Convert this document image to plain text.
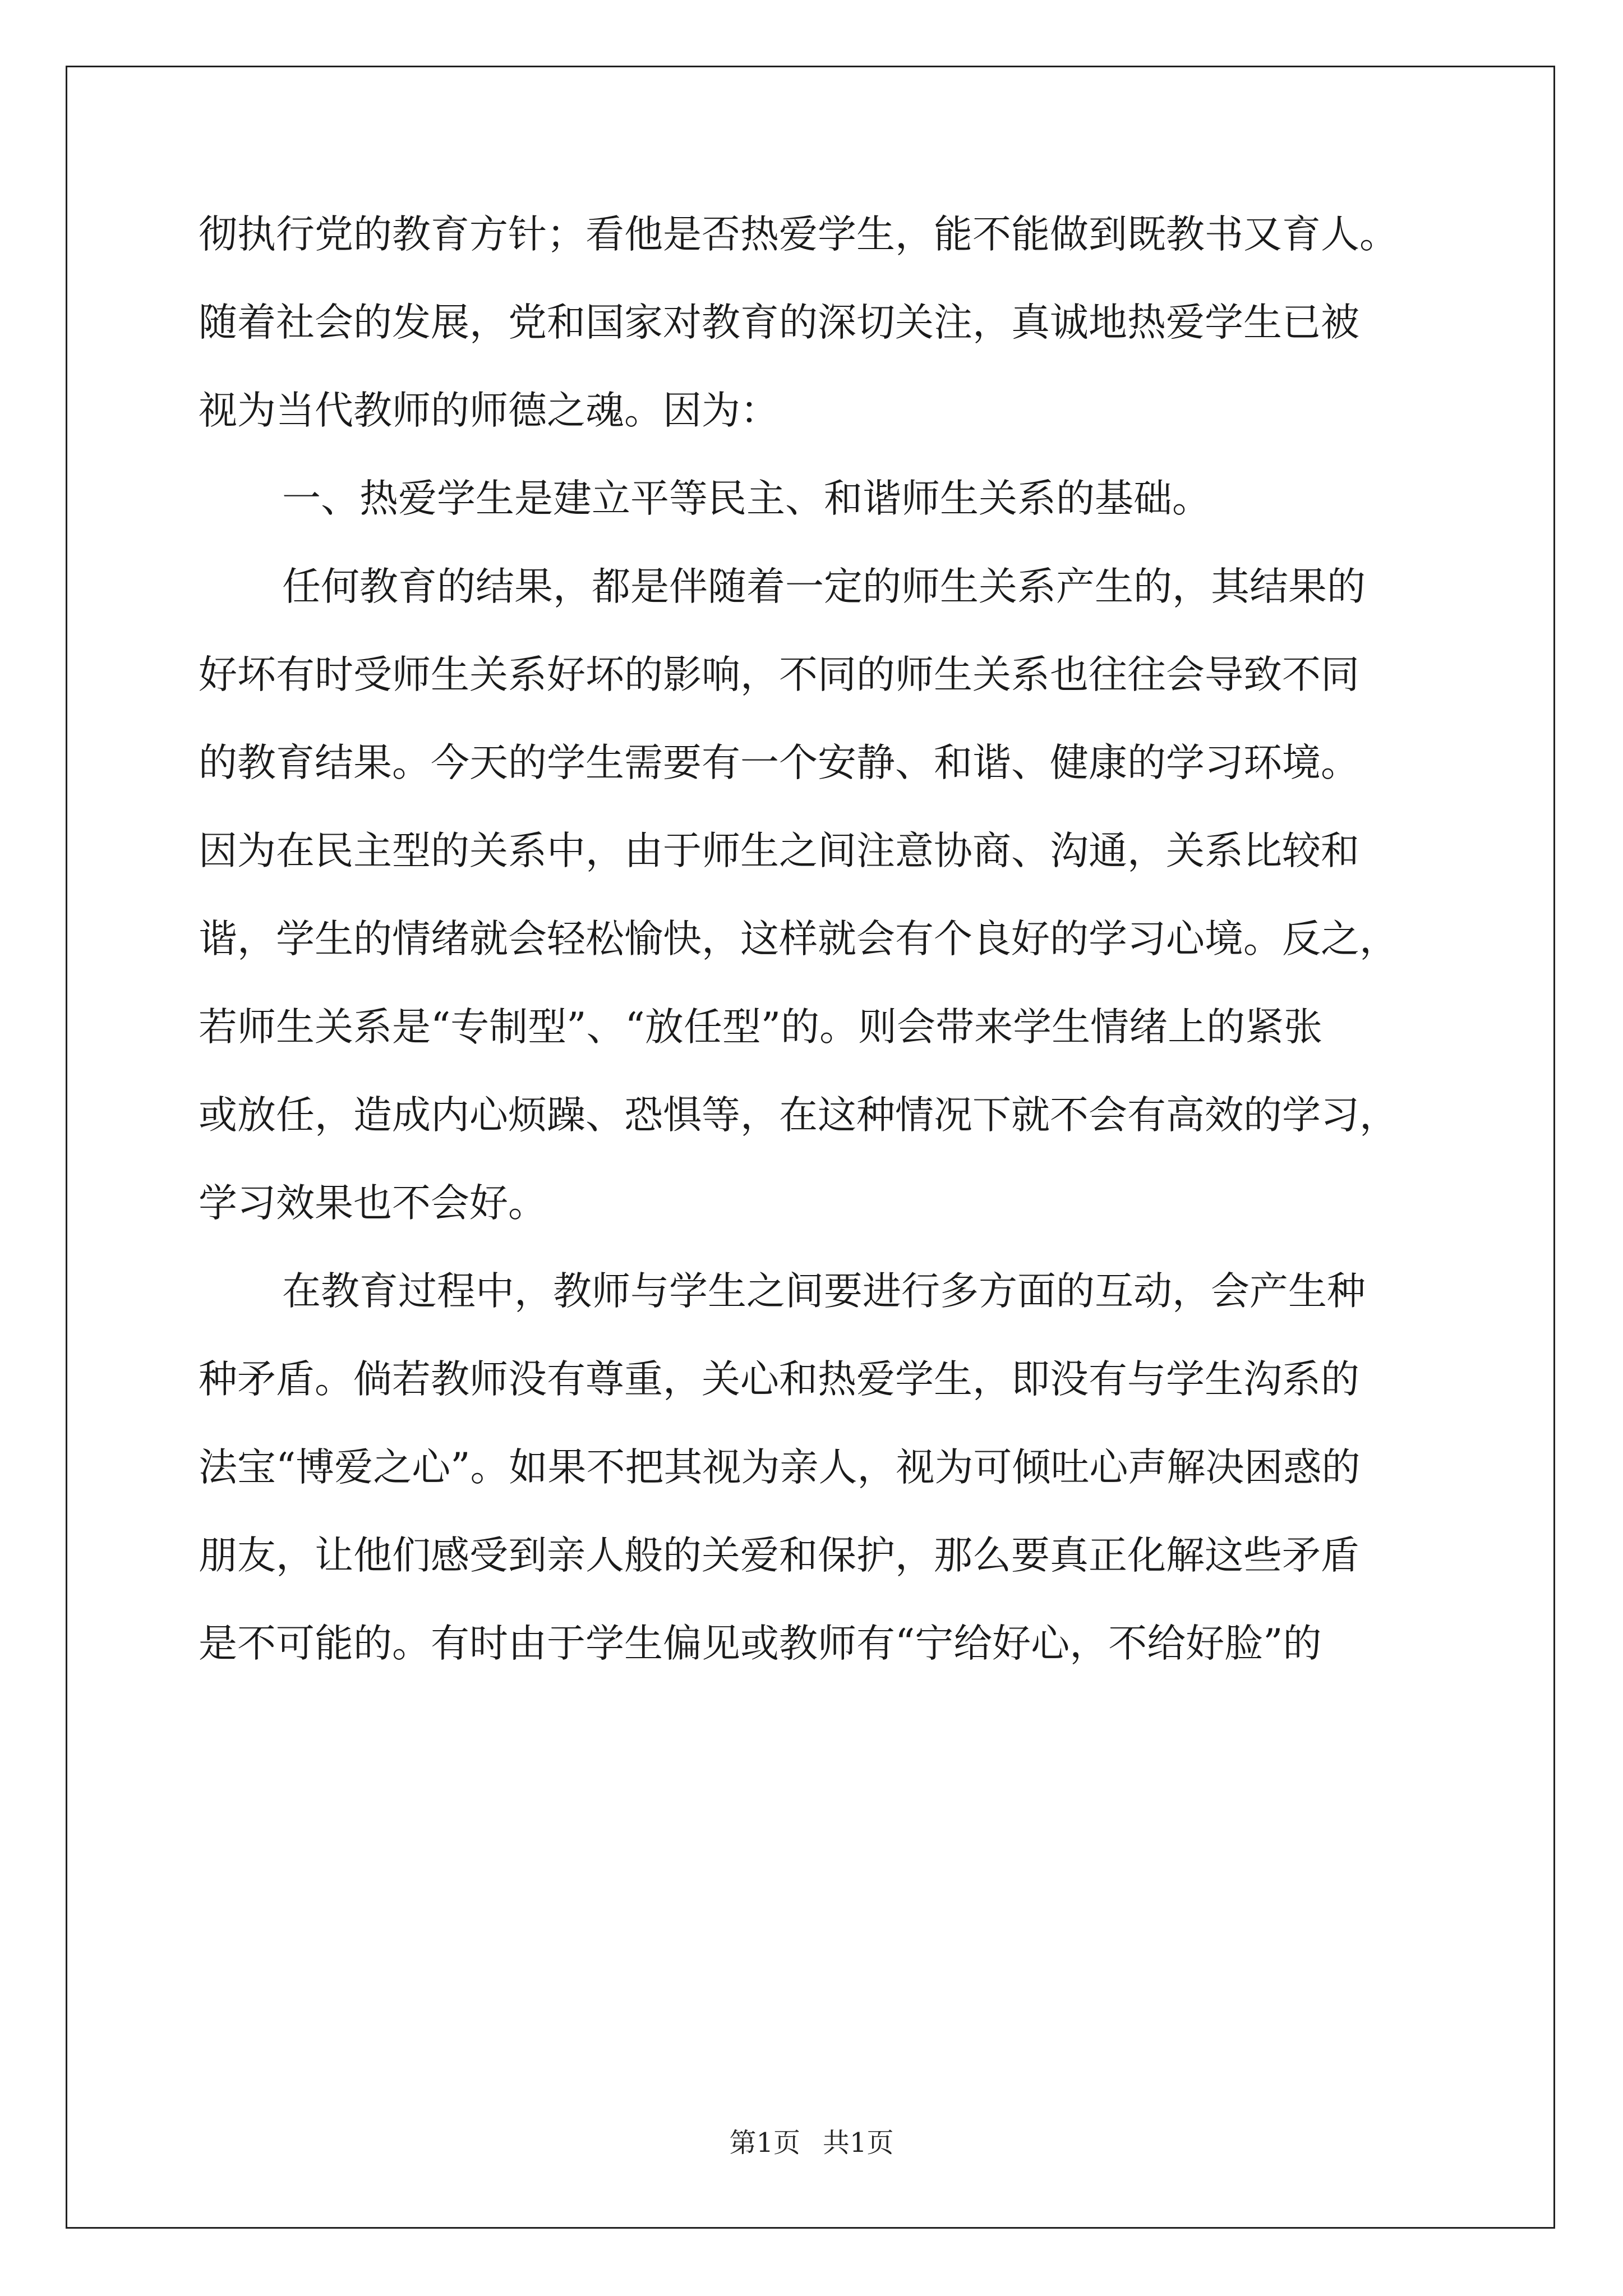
彻执行党的教育方针；看他是否热爱学生，能不能做到既教书又育人。
随着社会的发展，党和国家对教育的深切关注，真诚地热爱学生已被
视为当代教师的师德之魂。因为：
一、热爱学生是建立平等民主、和谐师生关系的基础。
任何教育的结果，都是伴随着一定的师生关系产生的，其结果的
好坏有时受师生关系好坏的影响，不同的师生关系也往往会导致不同
的教育结果。今天的学生需要有一个安静、和谐、健康的学习环境。
因为在民主型的关系中，由于师生之间注意协商、沟通，关系比较和
谐，学生的情绪就会轻松愉快，这样就会有个良好的学习心境。反之，
若师生关系是“专制型”、“放任型”的。则会带来学生情绪上的紧张
或放任，造成内心烦躁、恐惧等，在这种情况下就不会有高效的学习，
学习效果也不会好。
在教育过程中，教师与学生之间要进行多方面的互动，会产生种
种矛盾。倘若教师没有尊重，关心和热爱学生，即没有与学生沟系的
法宝“博爱之心”。如果不把其视为亲人，视为可倾吐心声解决困惑的
朋友，让他们感受到亲人般的关爱和保护，那么要真正化解这些矛盾
是不可能的。有时由于学生偏见或教师有“宁给好心，不给好脸”的
第1页 共1页
